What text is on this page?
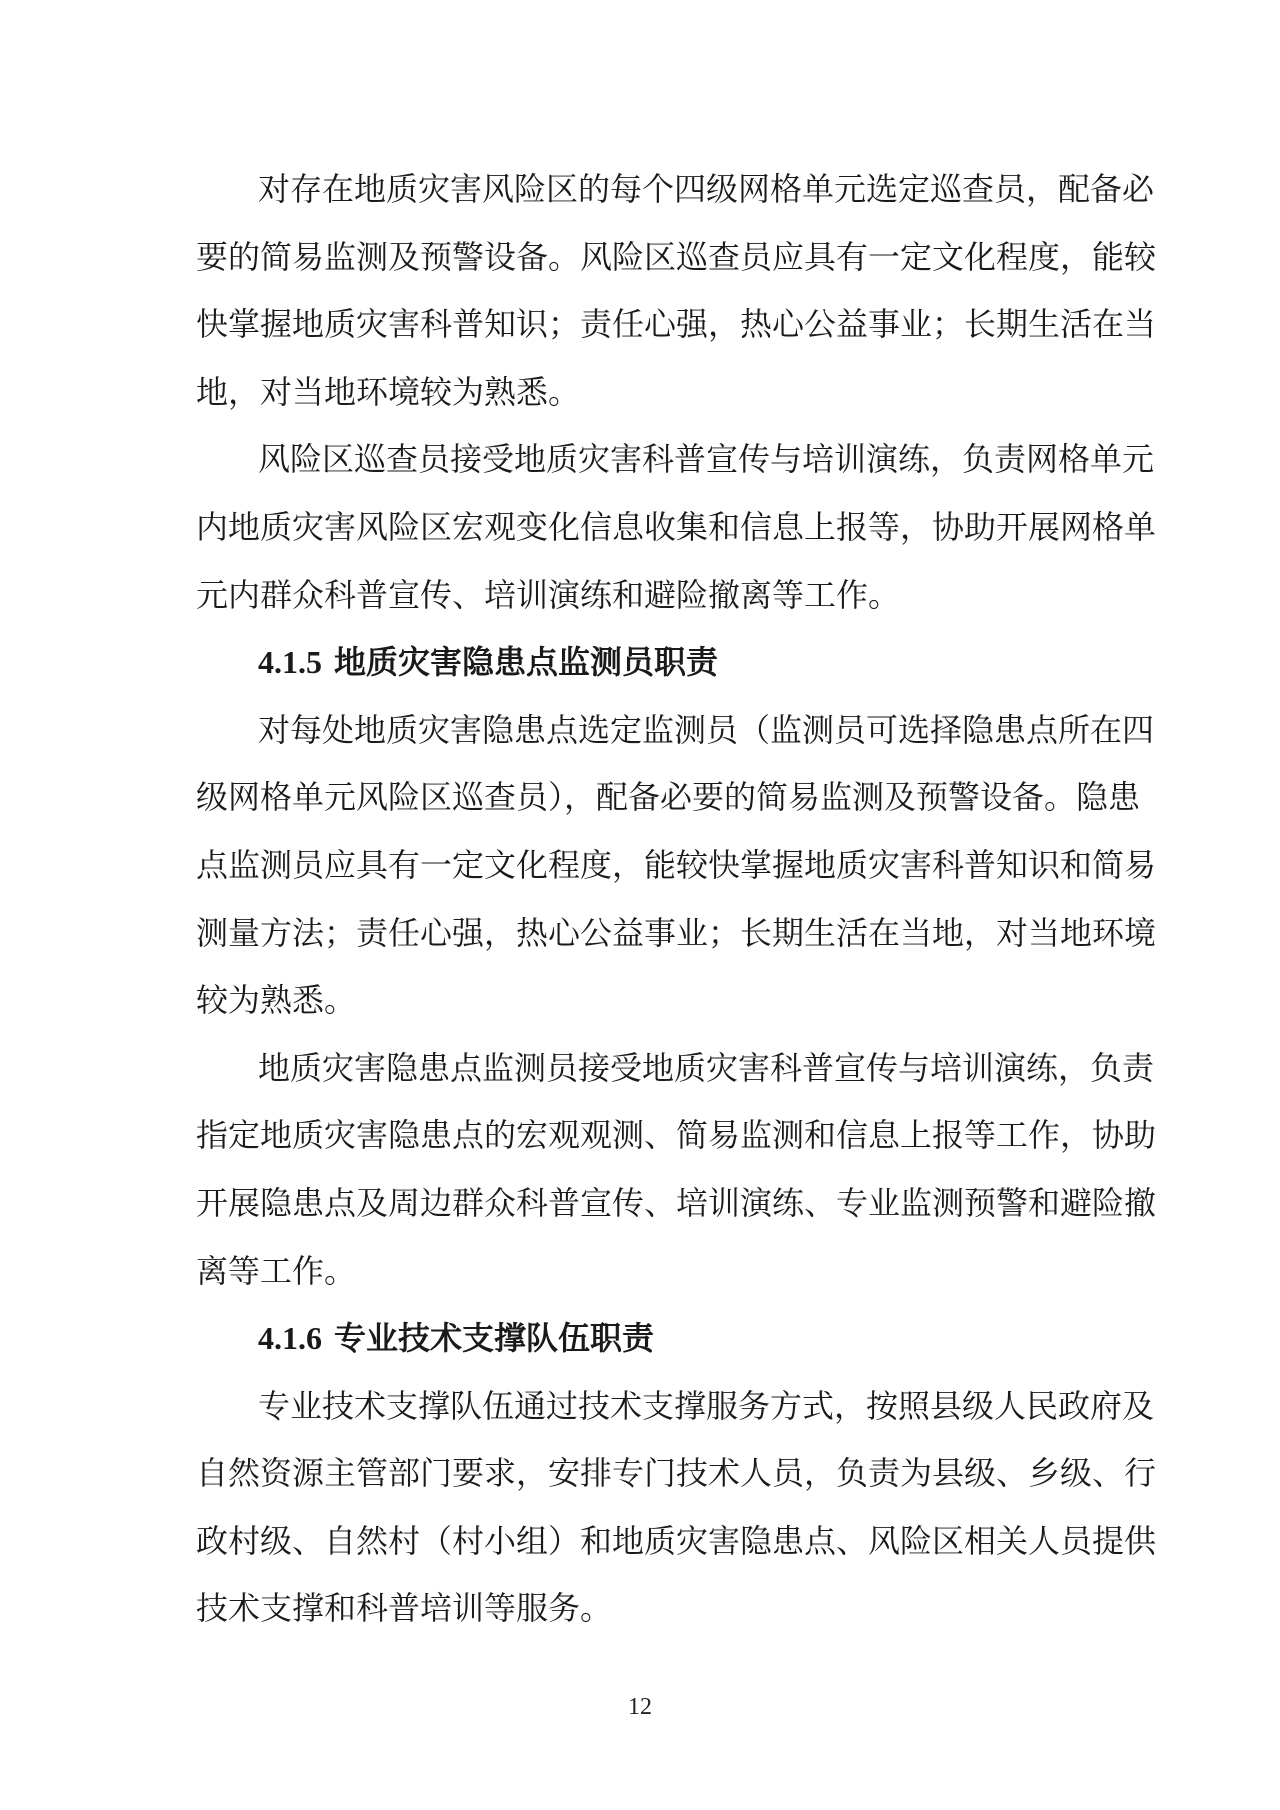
对存在地质灾害风险区的每个四级网格单元选定巡查员，配备必
要的简易监测及预警设备。风险区巡查员应具有一定文化程度，能较
快掌握地质灾害科普知识；责任心强，热心公益事业；长期生活在当
地，对当地环境较为熟悉。
风险区巡查员接受地质灾害科普宣传与培训演练，负责网格单元
内地质灾害风险区宏观变化信息收集和信息上报等，协助开展网格单
元内群众科普宣传、培训演练和避险撤离等工作。
4.1.5 地质灾害隐患点监测员职责
对每处地质灾害隐患点选定监测员（监测员可选择隐患点所在四
级网格单元风险区巡查员），配备必要的简易监测及预警设备。隐患
点监测员应具有一定文化程度，能较快掌握地质灾害科普知识和简易
测量方法；责任心强，热心公益事业；长期生活在当地，对当地环境
较为熟悉。
地质灾害隐患点监测员接受地质灾害科普宣传与培训演练，负责
指定地质灾害隐患点的宏观观测、简易监测和信息上报等工作，协助
开展隐患点及周边群众科普宣传、培训演练、专业监测预警和避险撤
离等工作。
4.1.6 专业技术支撑队伍职责
专业技术支撑队伍通过技术支撑服务方式，按照县级人民政府及
自然资源主管部门要求，安排专门技术人员，负责为县级、乡级、行
政村级、自然村（村小组）和地质灾害隐患点、风险区相关人员提供
技术支撑和科普培训等服务。
12
